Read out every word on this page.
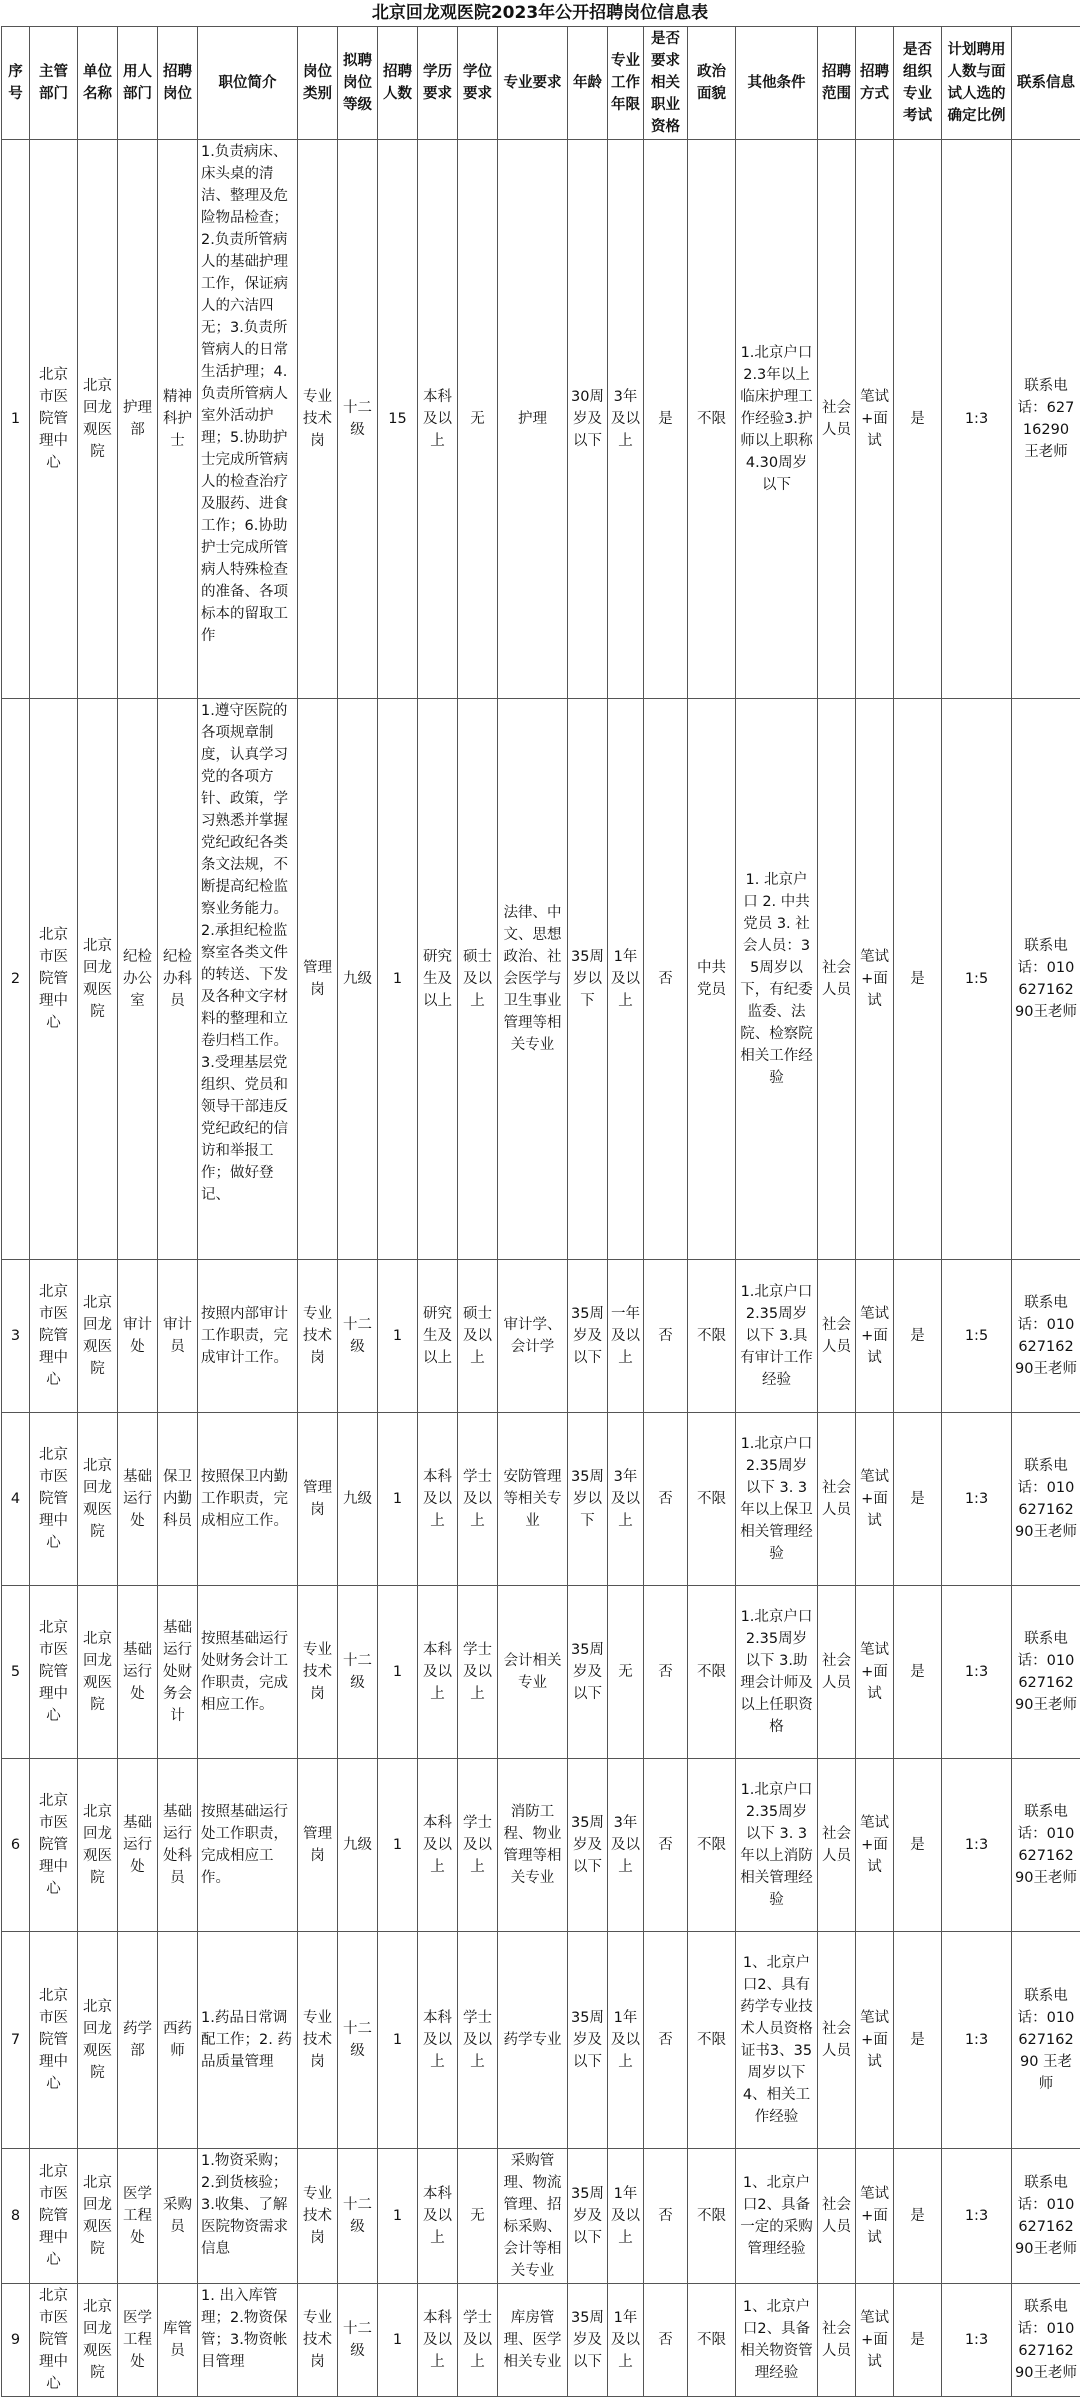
北京回龙观医院2023年公开招聘岗位信息表
序号	主管部门	单位名称	用人部门	招聘岗位	职位简介	岗位类别	拟聘岗位等级	招聘人数	学历要求	学位要求	专业要求	年龄	专业工作年限	是否要求相关职业资格	政治面貌	其他条件	招聘范围	招聘方式	是否组织专业考试	计划聘用人数与面试人选的确定比例	联系信息
1	北京市医院管理中心	北京回龙观医院	护理部	精神科护士	1.负责病床、床头桌的清洁、整理及危险物品检查；2.负责所管病人的基础护理工作，保证病人的六洁四无；3.负责所管病人的日常生活护理；4.负责所管病人室外活动护理；5.协助护士完成所管病人的检查治疗及服药、进食工作；6.协助护士完成所管病人特殊检查的准备、各项标本的留取工作	专业技术岗	十二级	15	本科及以上	无	护理	30周岁及以下	3年及以上	是	不限	1.北京户口 2.3年以上临床护理工作经验3.护师以上职称4.30周岁以下	社会人员	笔试+面试	是	1:3	联系电话：62716290 王老师
2	北京市医院管理中心	北京回龙观医院	纪检办公室	纪检办科员	1.遵守医院的各项规章制度，认真学习党的各项方针、政策，学习熟悉并掌握党纪政纪各类条文法规，不断提高纪检监察业务能力。2.承担纪检监察室各类文件的转送、下发及各种文字材料的整理和立卷归档工作。3.受理基层党组织、党员和领导干部违反党纪政纪的信访和举报工作；做好登记、	管理岗	九级	1	研究生及以上	硕士及以上	法律、中文、思想政治、社会医学与卫生事业管理等相关专业	35周岁以下	1年及以上	否	中共党员	1. 北京户口 2. 中共党员 3. 社会人员：35周岁以下，有纪委监委、法院、检察院相关工作经验	社会人员	笔试+面试	是	1:5	联系电话：01062716290王老师
3	北京市医院管理中心	北京回龙观医院	审计处	审计员	按照内部审计工作职责，完成审计工作。	专业技术岗	十二级	1	研究生及以上	硕士及以上	审计学、会计学	35周岁及以下	一年及以上	否	不限	1.北京户口 2.35周岁以下 3.具有审计工作经验	社会人员	笔试+面试	是	1:5	联系电话：01062716290王老师
4	北京市医院管理中心	北京回龙观医院	基础运行处	保卫内勤科员	按照保卫内勤工作职责，完成相应工作。	管理岗	九级	1	本科及以上	学士及以上	安防管理等相关专业	35周岁以下	3年及以上	否	不限	1.北京户口 2.35周岁以下 3. 3年以上保卫相关管理经验	社会人员	笔试+面试	是	1:3	联系电话：01062716290王老师
5	北京市医院管理中心	北京回龙观医院	基础运行处	基础运行处财务会计	按照基础运行处财务会计工作职责，完成相应工作。	专业技术岗	十二级	1	本科及以上	学士及以上	会计相关专业	35周岁及以下	无	否	不限	1.北京户口 2.35周岁以下 3.助理会计师及以上任职资格	社会人员	笔试+面试	是	1:3	联系电话：01062716290王老师
6	北京市医院管理中心	北京回龙观医院	基础运行处	基础运行处科员	按照基础运行处工作职责，完成相应工作。	管理岗	九级	1	本科及以上	学士及以上	消防工程、物业管理等相关专业	35周岁及以下	3年及以上	否	不限	1.北京户口 2.35周岁以下 3. 3年以上消防相关管理经验	社会人员	笔试+面试	是	1:3	联系电话：01062716290王老师
7	北京市医院管理中心	北京回龙观医院	药学部	西药师	1.药品日常调配工作；2. 药品质量管理	专业技术岗	十二级	1	本科及以上	学士及以上	药学专业	35周岁及以下	1年及以上	否	不限	1、北京户口2、具有药学专业技术人员资格证书3、35周岁以下4、相关工作经验	社会人员	笔试+面试	是	1:3	联系电话：01062716290 王老师
8	北京市医院管理中心	北京回龙观医院	医学工程处	采购员	1.物资采购；2.到货核验；3.收集、了解医院物资需求信息	专业技术岗	十二级	1	本科及以上	无	采购管理、物流管理、招标采购、会计等相关专业	35周岁及以下	1年及以上	否	不限	1、北京户口2、具备一定的采购管理经验	社会人员	笔试+面试	是	1:3	联系电话：01062716290王老师
9	北京市医院管理中心	北京回龙观医院	医学工程处	库管员	1. 出入库管理；2.物资保管；3.物资帐目管理	专业技术岗	十二级	1	本科及以上	学士及以上	库房管理、医学相关专业	35周岁及以下	1年及以上	否	不限	1、北京户口2、具备相关物资管理经验	社会人员	笔试+面试	是	1:3	联系电话：01062716290王老师
